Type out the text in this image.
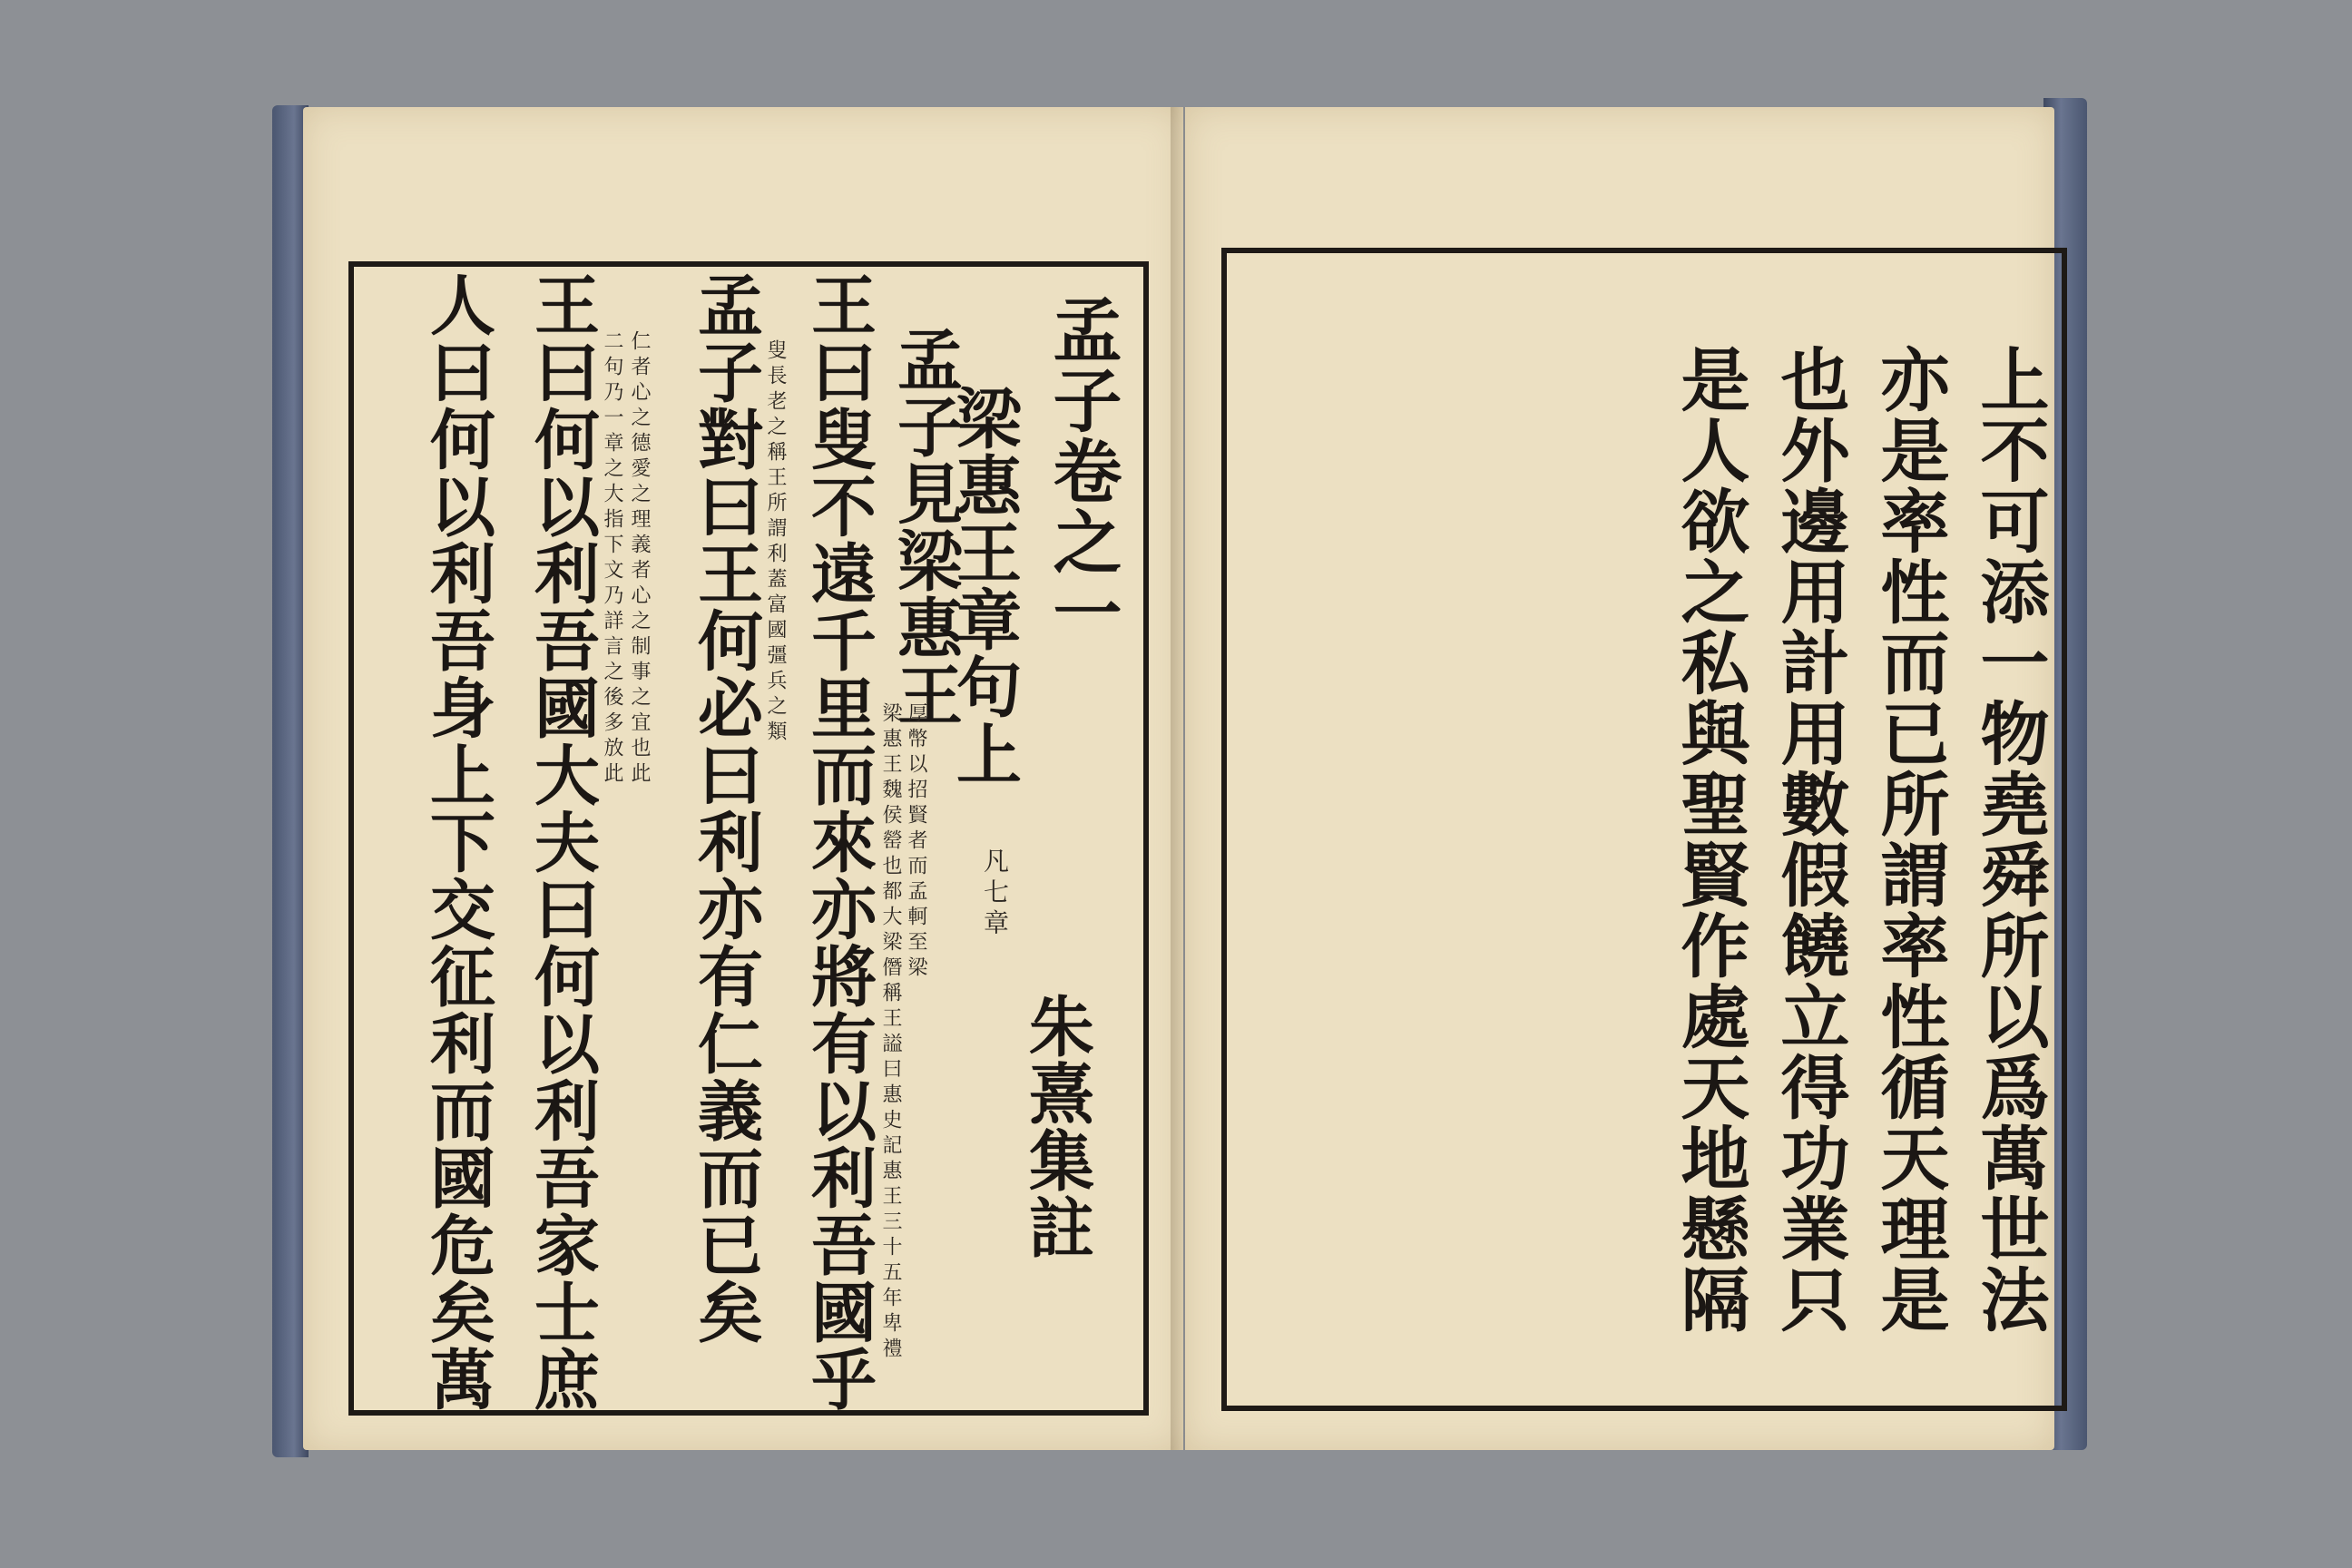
孟子卷之一
梁惠王章句上
凡七章
朱熹集註
孟子見梁惠王
王曰叟不遠千里而來亦將有以利吾國乎 梁惠王魏侯罃也都大梁僭稱王謚曰惠史記惠王三十五年卑禮 厚幣以招賢者而孟軻至梁
叟長老之稱王所謂利蓋富國彊兵之類
孟子對曰王何必曰利亦有仁義而已矣
仁者心之德愛之理義者心之制事之宜也此
二句乃一章之大指下文乃詳言之後多放此
王曰何以利吾國大夫曰何以利吾家士庶
人曰何以利吾身上下交征利而國危矣萬	上不可添一物堯舜所以爲萬世法
亦是率性而已所謂率性循天理是
也外邊用計用數假饒立得功業只
是人欲之私與聖賢作處天地懸隔
